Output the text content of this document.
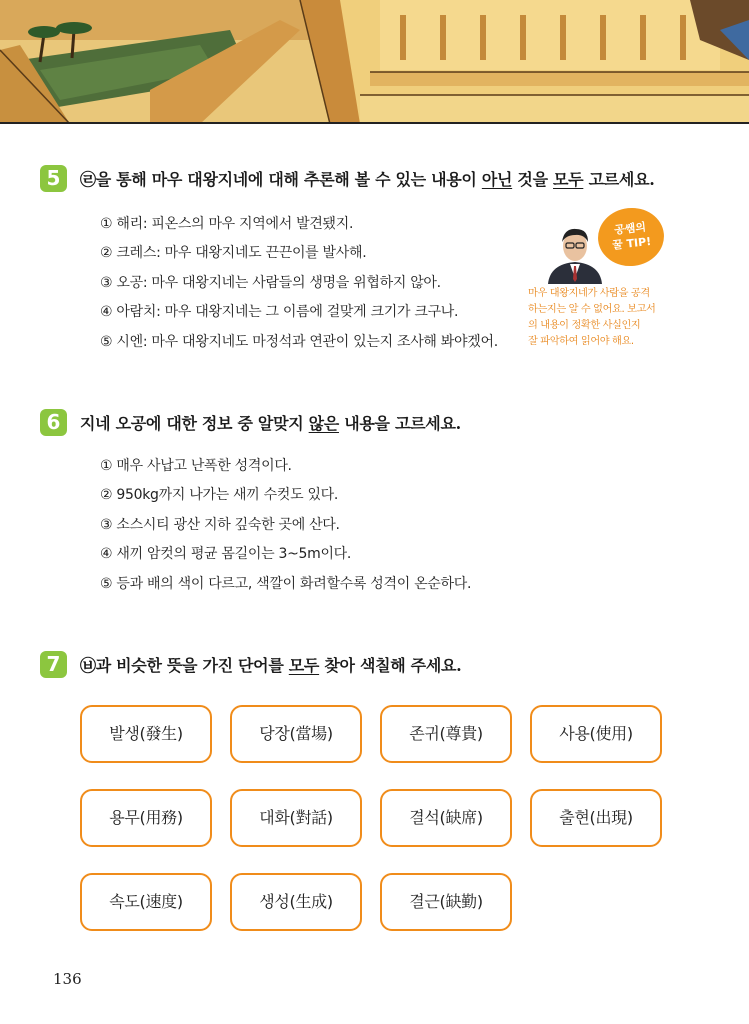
5	㉣을 통해 마우 대왕지네에 대해 추론해 볼 수 있는 내용이 아닌 것을 모두 고르세요.
① 해리: 피온스의 마우 지역에서 발견됐지.
② 크레스: 마우 대왕지네도 끈끈이를 발사해.
③ 오공: 마우 대왕지네는 사람들의 생명을 위협하지 않아.
④ 아람치: 마우 대왕지네는 그 이름에 걸맞게 크기가 크구나.
⑤ 시엔: 마우 대왕지네도 마정석과 연관이 있는지 조사해 봐야겠어.
공쌤의
꿀 TIP!
마우 대왕지네가 사람을 공격
하는지는 알 수 없어요. 보고서
의 내용이 정확한 사실인지
잘 파악하여 읽어야 해요.
6	지네 오공에 대한 정보 중 알맞지 않은 내용을 고르세요.
① 매우 사납고 난폭한 성격이다.
② 950kg까지 나가는 새끼 수컷도 있다.
③ 소스시티 광산 지하 깊숙한 곳에 산다.
④ 새끼 암컷의 평균 몸길이는 3~5m이다.
⑤ 등과 배의 색이 다르고, 색깔이 화려할수록 성격이 온순하다.
7	㉥과 비슷한 뜻을 가진 단어를 모두 찾아 색칠해 주세요.
발생(發生)	당장(當場)	존귀(尊貴)	사용(使用)
용무(用務)	대화(對話)	결석(缺席)	출현(出現)
속도(速度)	생성(生成)	결근(缺勤)
136
